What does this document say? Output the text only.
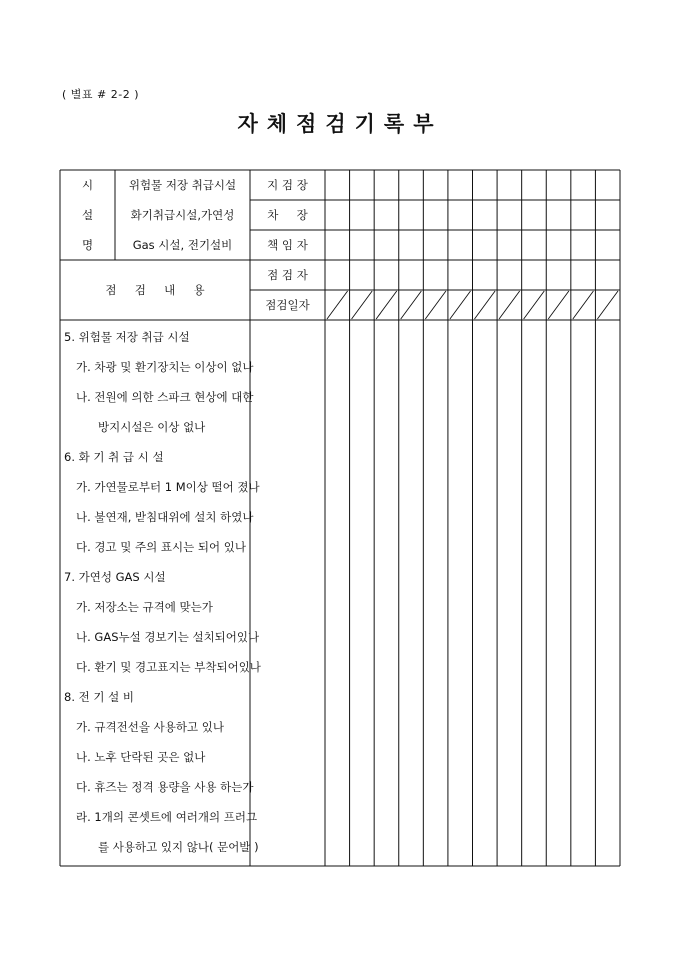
( 별표 # 2-2 )
자체점검기록부
시
설
명
위험물 저장 취급시설
화기취급시설,가연성
Gas 시설, 전기설비
지 검 장
차     장
책 임 자
점     검     내     용
점 검 자
점검일자
5. 위험물 저장 취급 시설
가. 차광 및 환기장치는 이상이 없나
나. 전원에 의한 스파크 현상에 대한
방지시설은 이상 없나
6. 화 기 취 급 시 설
가. 가연물로부터 1 M이상 떨어 졌나
나. 불연재, 받침대위에 설치 하였나
다. 경고 및 주의 표시는 되어 있나
7. 가연성 GAS 시설
가. 저장소는 규격에 맞는가
나. GAS누설 경보기는 설치되어있나
다. 환기 및 경고표지는 부착되어있나
8. 전 기 설 비
가. 규격전선을 사용하고 있나
나. 노후 단락된 곳은 없나
다. 휴즈는 정격 용량을 사용 하는가
라. 1개의 콘셋트에 여러개의 프러그
를 사용하고 있지 않나( 문어발 )
